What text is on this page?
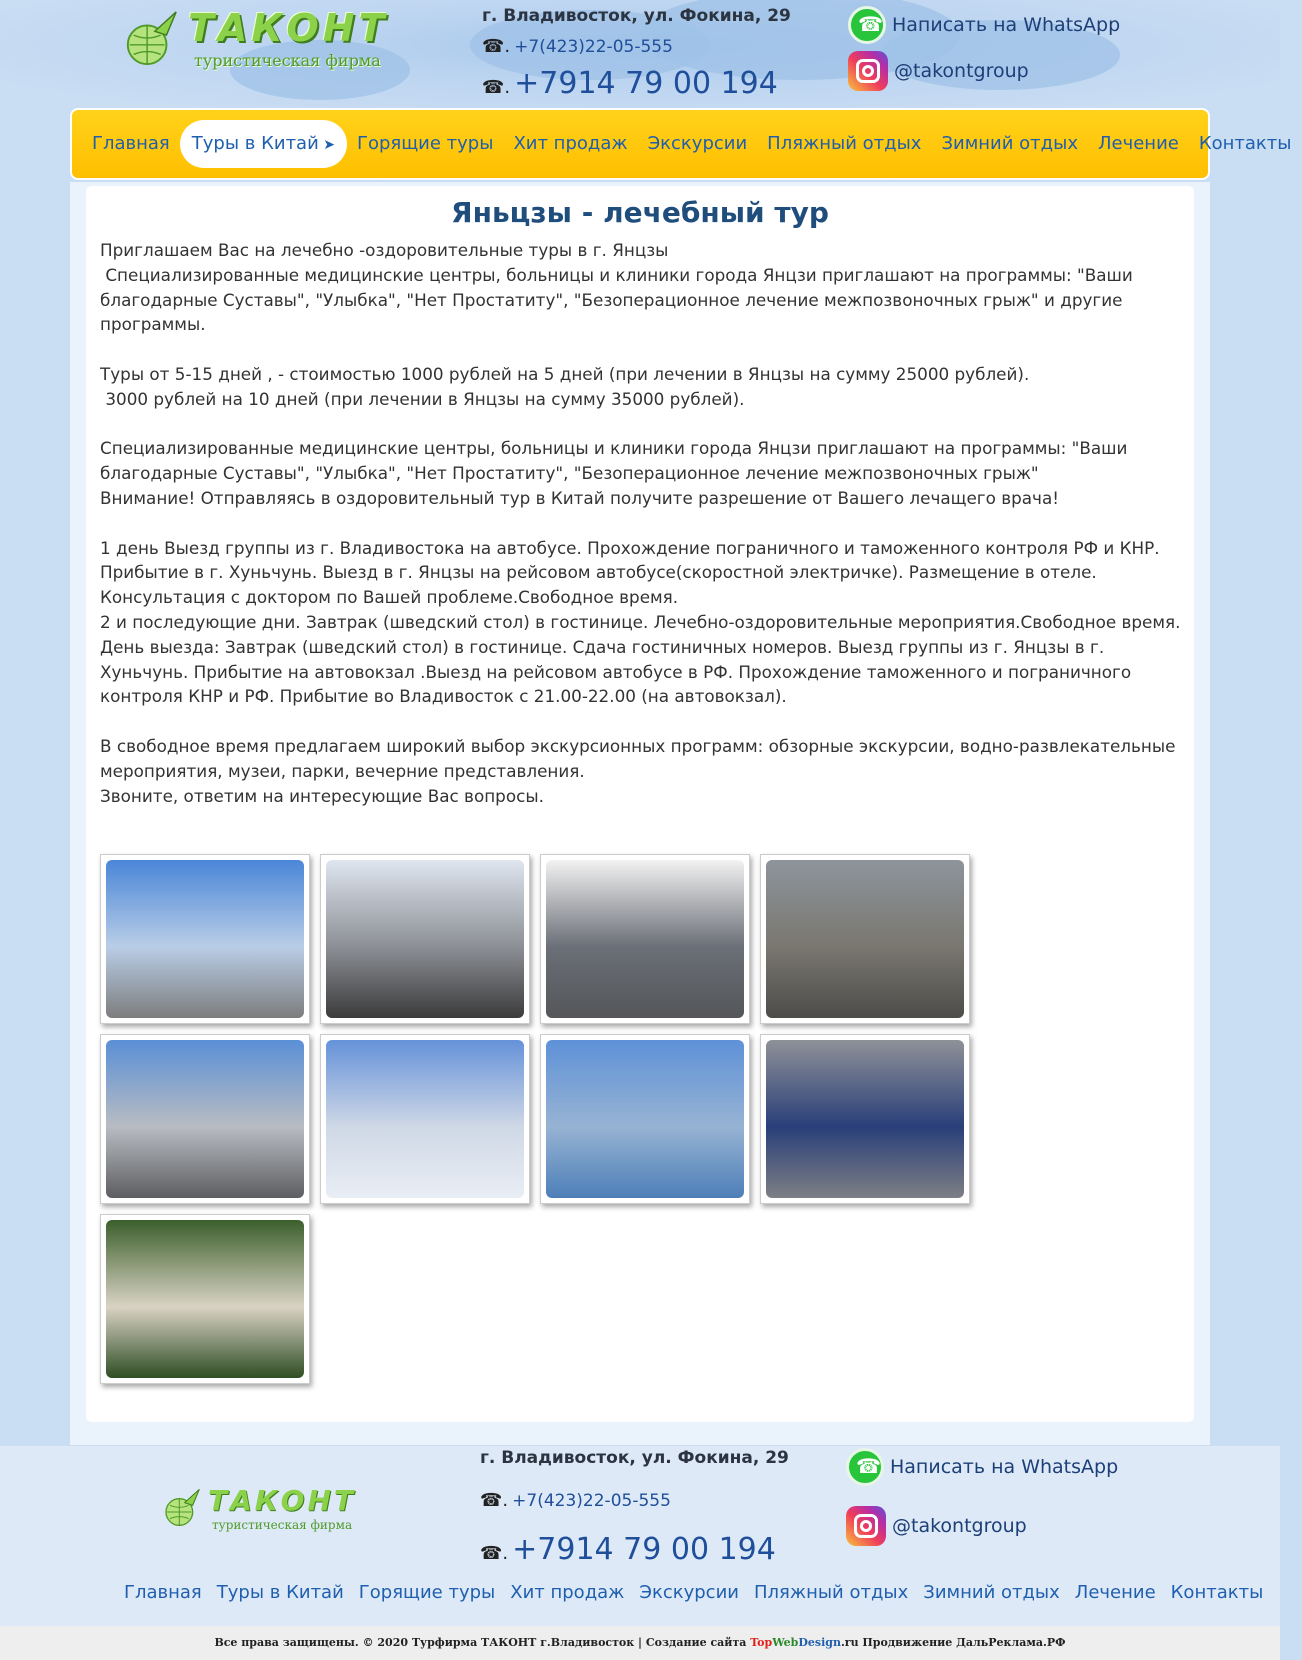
ТАКОНТ
туристическая фирма
г. Владивосток, ул. Фокина, 29
☎. +7(423)22-05-555
☎. +7914 79 00 194
☎
Написать на WhatsApp
@takontgroup
Главная	Туры в Китай ➤	Горящие туры	Хит продаж	Экскурсии	Пляжный отдых	Зимний отдых	Лечение	Контакты
Яньцзы - лечебный тур

Приглашаем Вас на лечебно -оздоровительные туры в г. Янцзы
Специализированные медицинские центры, больницы и клиники города Янцзи приглашают на программы: "Ваши благодарные Суставы", "Улыбка", "Нет Простатиту", "Безоперационное лечение межпозвоночных грыж" и другие программы.

Туры от 5-15 дней , - стоимостью 1000 рублей на 5 дней (при лечении в Янцзы на сумму 25000 рублей).
3000 рублей на 10 дней (при лечении в Янцзы на сумму 35000 рублей).

Специализированные медицинские центры, больницы и клиники города Янцзи приглашают на программы: "Ваши благодарные Суставы", "Улыбка", "Нет Простатиту", "Безоперационное лечение межпозвоночных грыж"
Внимание! Отправляясь в оздоровительный тур в Китай получите разрешение от Вашего лечащего врача!

1 день Выезд группы из г. Владивостока на автобусе. Прохождение пограничного и таможенного контроля РФ и КНР. Прибытие в г. Хуньчунь. Выезд в г. Янцзы на рейсовом автобусе(скоростной электричке). Размещение в отеле. Консультация с доктором по Вашей проблеме.Свободное время.
2 и последующие дни. Завтрак (шведский стол) в гостинице. Лечебно-оздоровительные мероприятия.Свободное время.
День выезда: Завтрак (шведский стол) в гостинице. Сдача гостиничных номеров. Выезд группы из г. Янцзы в г. Хуньчунь. Прибытие на автовокзал .Выезд на рейсовом автобусе в РФ. Прохождение таможенного и пограничного контроля КНР и РФ. Прибытие во Владивосток с 21.00-22.00 (на автовокзал).

В свободное время предлагаем широкий выбор экскурсионных программ: обзорные экскурсии, водно-развлекательные мероприятия, музеи, парки, вечерние представления.
Звоните, ответим на интересующие Вас вопросы.

ТАКОНТ
туристическая фирма
г. Владивосток, ул. Фокина, 29
☎. +7(423)22-05-555
☎. +7914 79 00 194
☎
Написать на WhatsApp
@takontgroup
Главная Туры в Китай Горящие туры Хит продаж Экскурсии Пляжный отдых Зимний отдых Лечение Контакты
Все права защищены. © 2020 Турфирма ТАКОНТ г.Владивосток | Создание сайта TopWebDesign.ru Продвижение ДальРеклама.РФ
